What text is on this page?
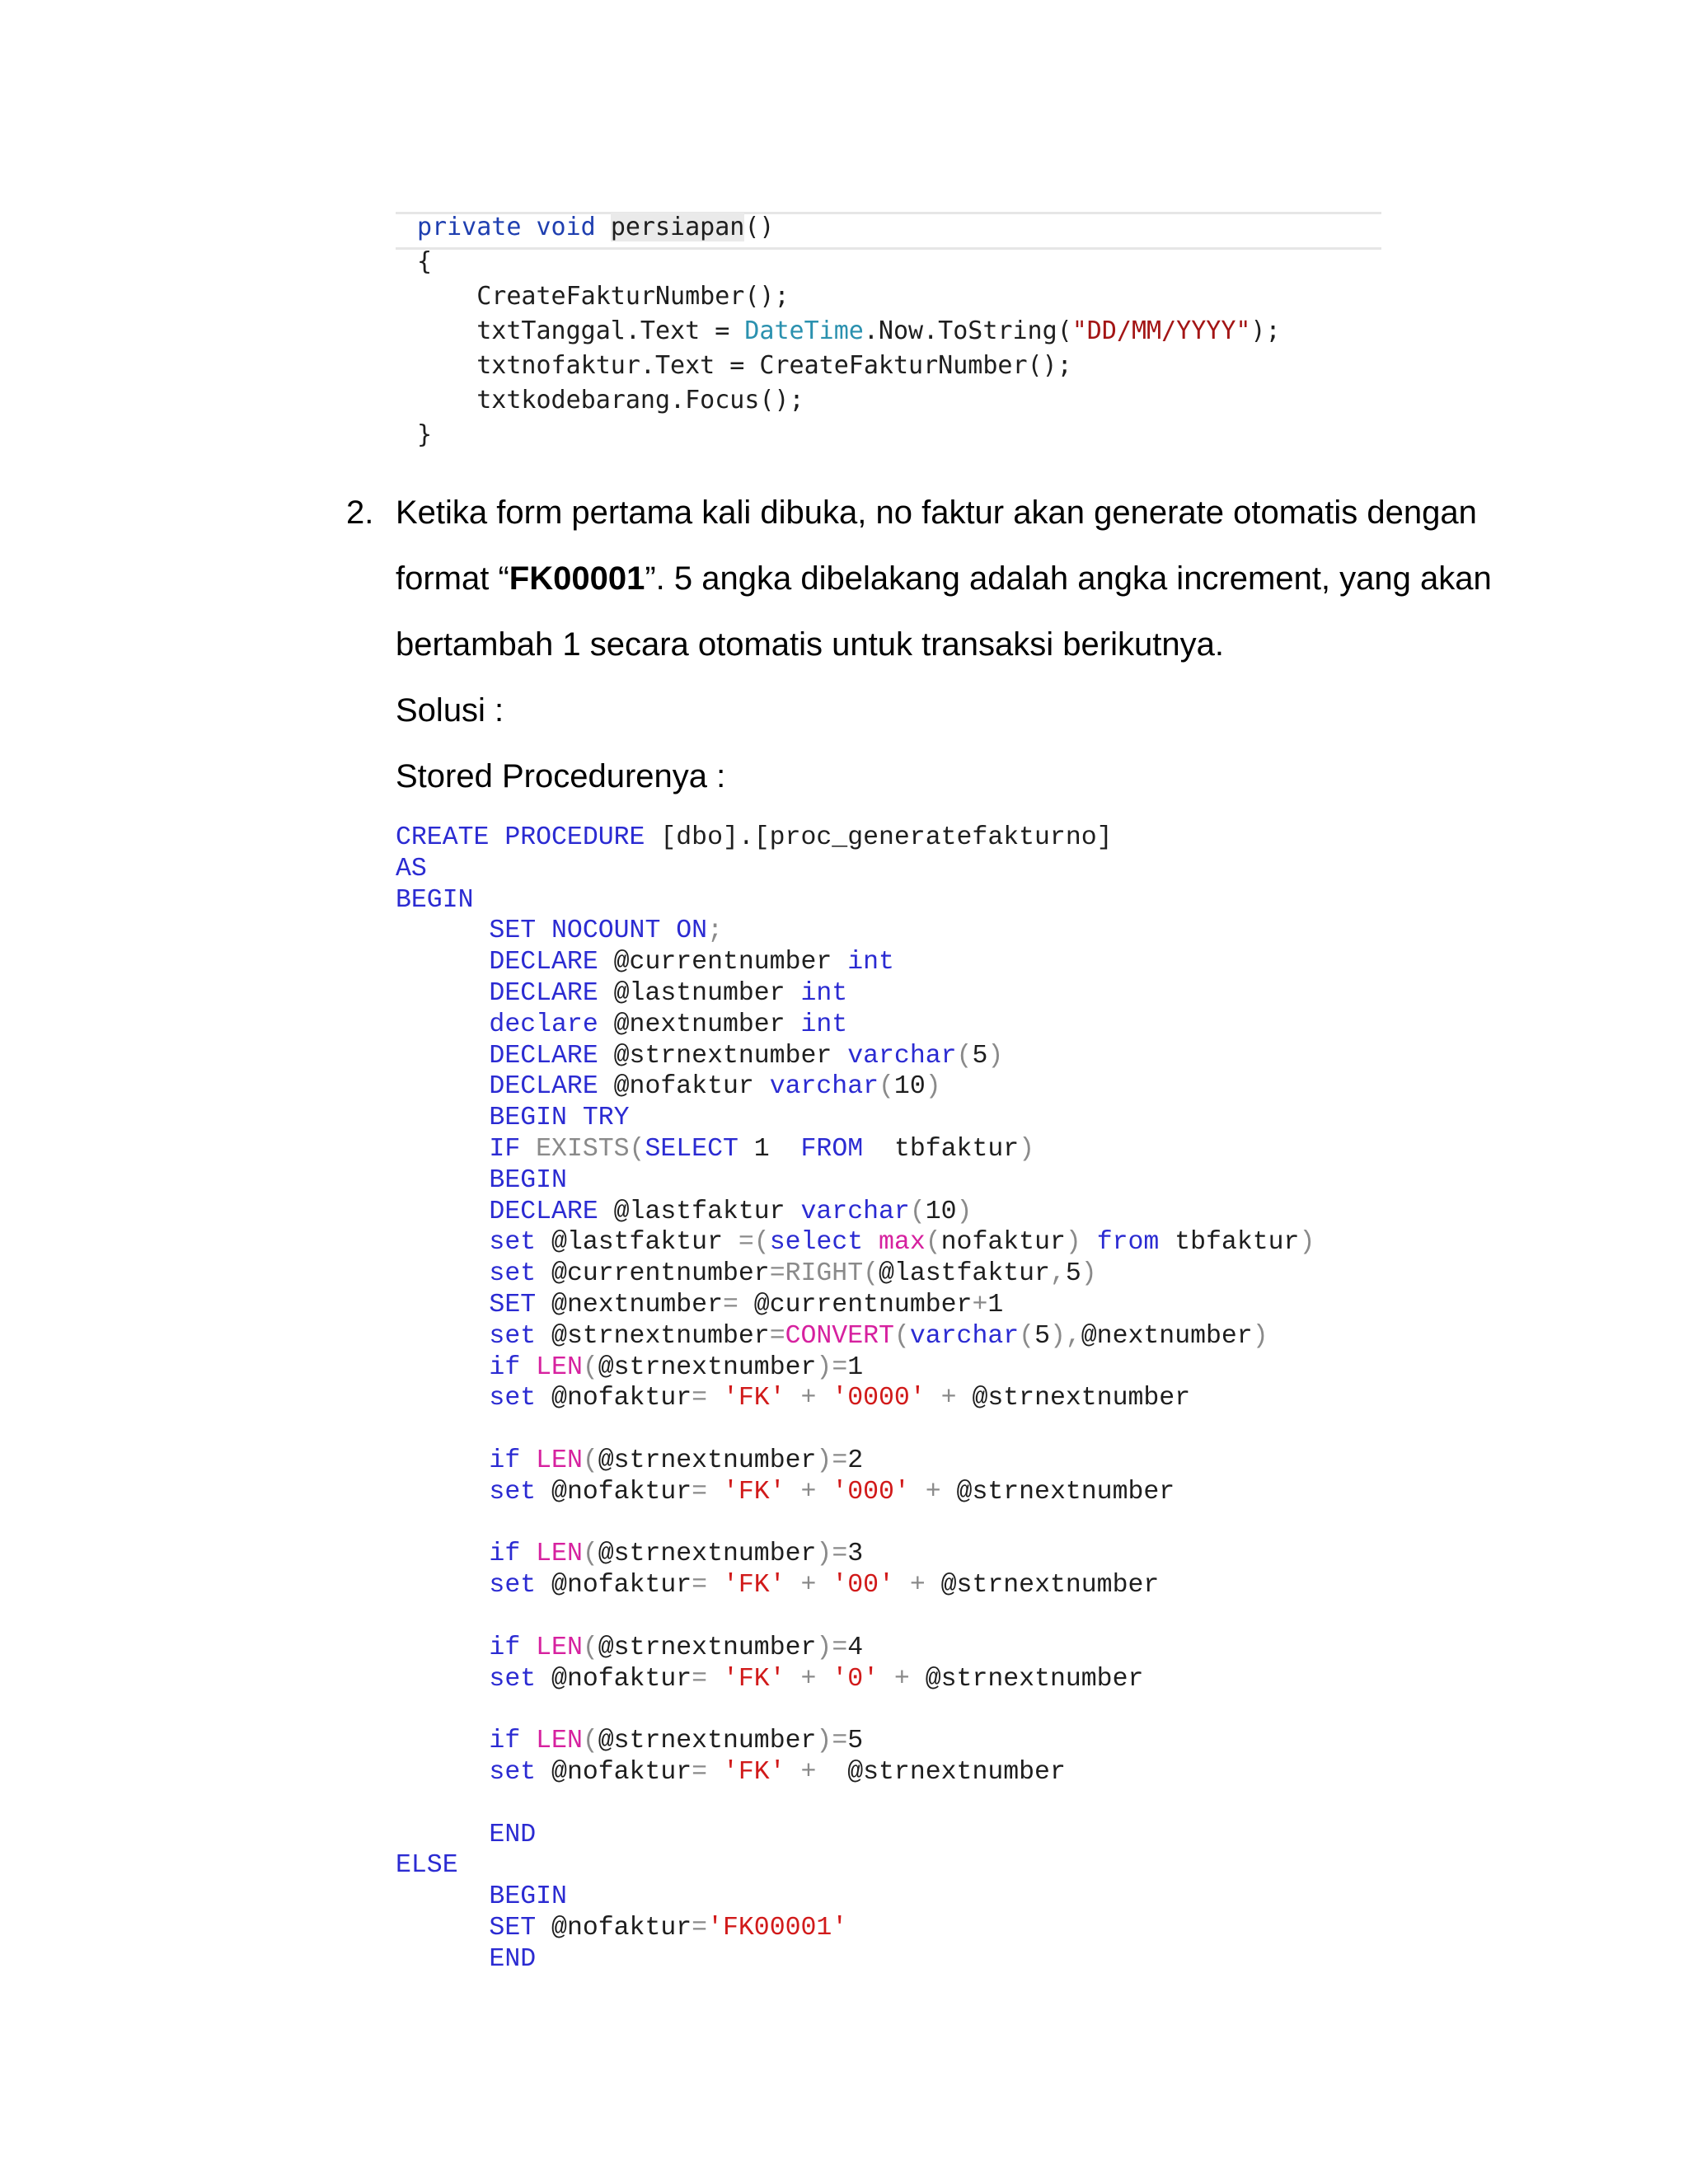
private void persiapan()
{
CreateFakturNumber();
txtTanggal.Text = DateTime.Now.ToString("DD/MM/YYYY");
txtnofaktur.Text = CreateFakturNumber();
txtkodebarang.Focus();
}
2. Ketika form pertama kali dibuka, no faktur akan generate otomatis dengan
format “FK00001”. 5 angka dibelakang adalah angka increment, yang akan
bertambah 1 secara otomatis untuk transaksi berikutnya.
Solusi :
Stored Procedurenya :
CREATE PROCEDURE [dbo].[proc_generatefakturno]
AS
BEGIN
SET NOCOUNT ON;
DECLARE @currentnumber int
DECLARE @lastnumber int
declare @nextnumber int
DECLARE @strnextnumber varchar(5)
DECLARE @nofaktur varchar(10)
BEGIN TRY
IF EXISTS(SELECT 1  FROM  tbfaktur)
BEGIN
DECLARE @lastfaktur varchar(10)
set @lastfaktur =(select max(nofaktur) from tbfaktur)
set @currentnumber=RIGHT(@lastfaktur,5)
SET @nextnumber= @currentnumber+1
set @strnextnumber=CONVERT(varchar(5),@nextnumber)
if LEN(@strnextnumber)=1
set @nofaktur= 'FK' + '0000' + @strnextnumber
if LEN(@strnextnumber)=2
set @nofaktur= 'FK' + '000' + @strnextnumber
if LEN(@strnextnumber)=3
set @nofaktur= 'FK' + '00' + @strnextnumber
if LEN(@strnextnumber)=4
set @nofaktur= 'FK' + '0' + @strnextnumber
if LEN(@strnextnumber)=5
set @nofaktur= 'FK' +  @strnextnumber
END
ELSE
BEGIN
SET @nofaktur='FK00001'
END
